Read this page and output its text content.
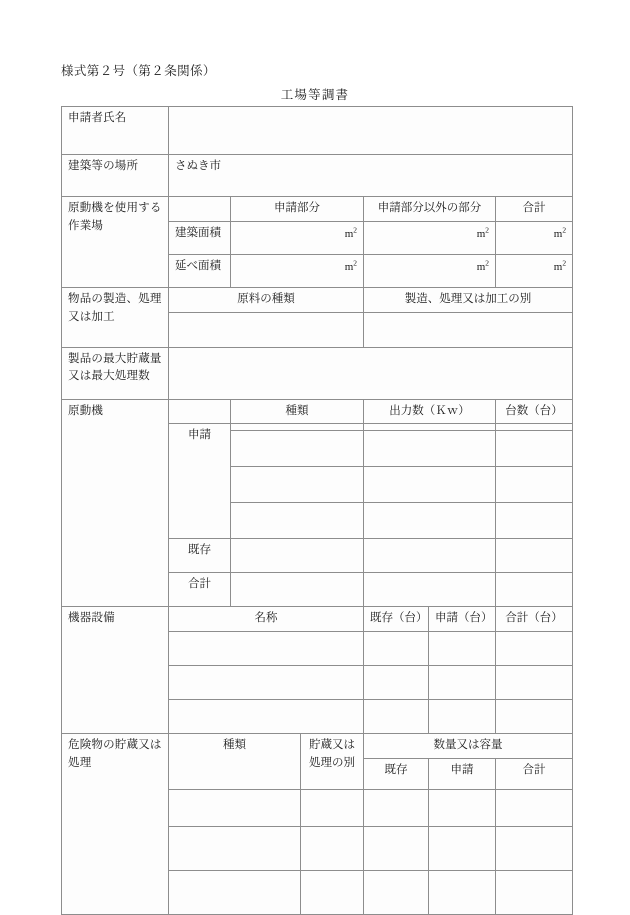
様式第２号（第２条関係）
工場等調書
申請者氏名						
建築等の場所	さぬき市					
原動機を使用する作業場		申請部分		申請部分以外の部分		合計
	建築面積	$m^2$		$m^2$		$m^2$
	延べ面積	$m^2$		$m^2$		$m^2$
物品の製造、処理又は加工	原料の種類			製造、処理又は加工の別		

製品の最大貯蔵量又は最大処理数						
原動機		種類		出力数（Ｋｗ）		台数（台）
	申請					

	既存					
	合計					
機器設備	名称			既存（台）	申請（台）	合計（台）

危険物の貯蔵又は処理	種類		貯蔵又は処理の別	数量又は容量		
				既存	申請	合計
